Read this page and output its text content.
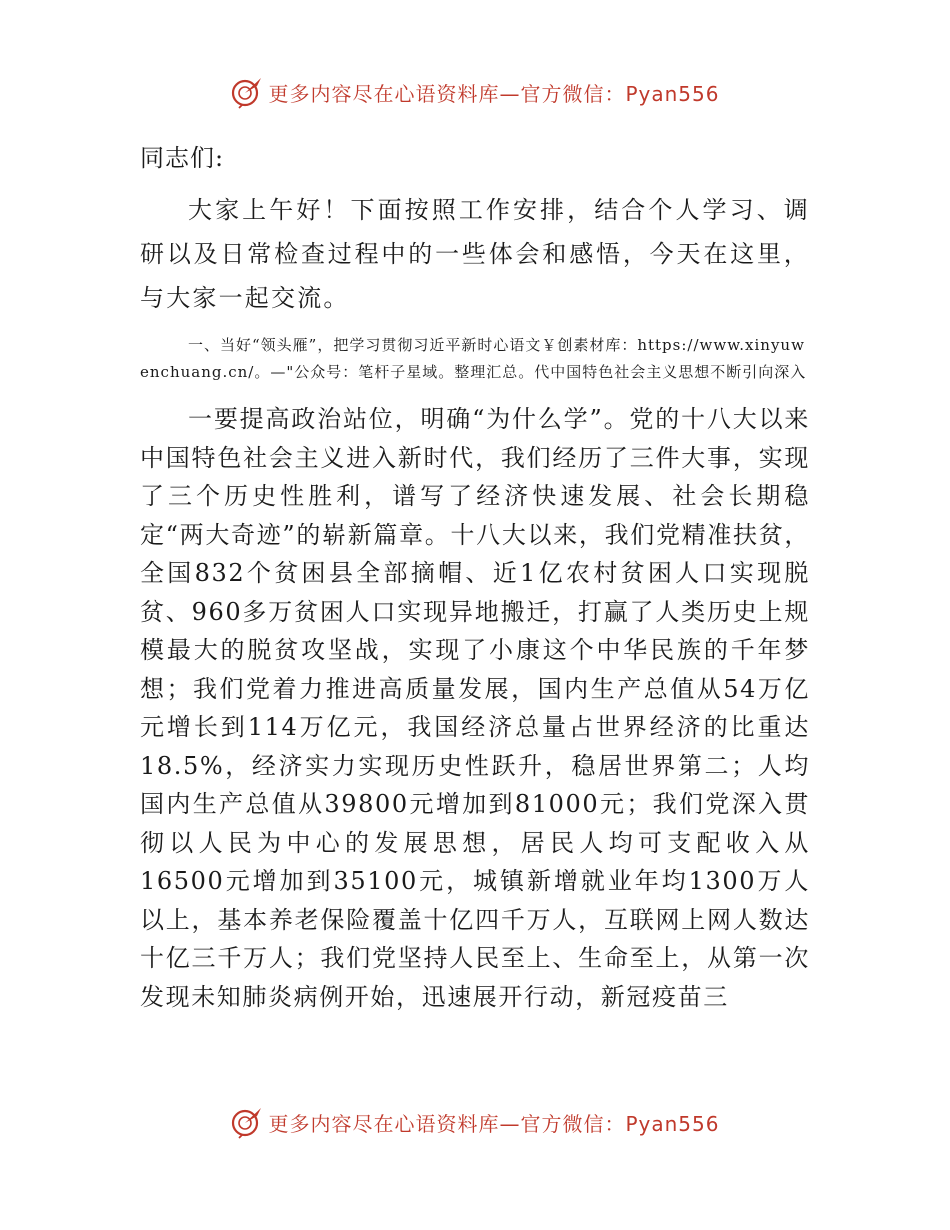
更多内容尽在心语资料库—官方微信：Pyan556

同志们:

大家上午好！下面按照工作安排，结合个人学习、调研以及日常检查过程中的一些体会和感悟，今天在这里，与大家一起交流。

一、当好“领头雁”，把学习贯彻习近平新时心语文￥创素材库：https://www.xinyuwenchuang.cn/。—"公众号：笔杆子星域。整理汇总。代中国特色社会主义思想不断引向深入

一要提高政治站位，明确“为什么学”。党的十八大以来中国特色社会主义进入新时代，我们经历了三件大事，实现了三个历史性胜利，谱写了经济快速发展、社会长期稳定“两大奇迹”的崭新篇章。十八大以来，我们党精准扶贫，全国832个贫困县全部摘帽、近1亿农村贫困人口实现脱贫、960多万贫困人口实现异地搬迁，打赢了人类历史上规模最大的脱贫攻坚战，实现了小康这个中华民族的千年梦想；我们党着力推进高质量发展，国内生产总值从54万亿元增长到114万亿元，我国经济总量占世界经济的比重达18.5%，经济实力实现历史性跃升，稳居世界第二；人均国内生产总值从39800元增加到81000元；我们党深入贯彻以人民为中心的发展思想，居民人均可支配收入从16500元增加到35100元，城镇新增就业年均1300万人以上，基本养老保险覆盖十亿四千万人，互联网上网人数达十亿三千万人；我们党坚持人民至上、生命至上，从第一次发现未知肺炎病例开始，迅速展开行动，新冠疫苗三

更多内容尽在心语资料库—官方微信：Pyan556
